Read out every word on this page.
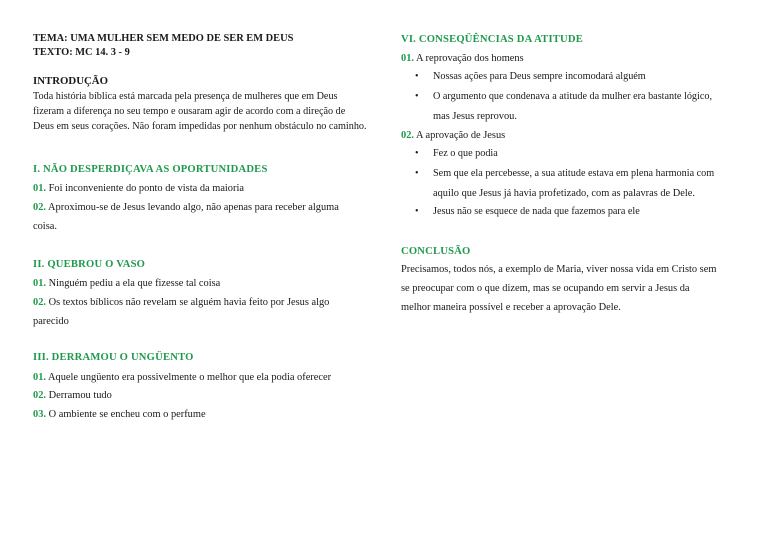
TEMA: UMA MULHER SEM MEDO DE SER EM DEUS
TEXTO: MC 14. 3 - 9
INTRODUÇÃO
Toda história bíblica está marcada pela presença de mulheres que em Deus fizeram a diferença no seu tempo e ousaram agir de acordo com a direção de Deus em seus corações. Não foram impedidas por nenhum obstáculo no caminho.
I. NÃO DESPERDIÇAVA AS OPORTUNIDADES
01. Foi inconveniente do ponto de vista da maioria
02. Aproximou-se de Jesus levando algo, não apenas para receber alguma
coisa.
II. QUEBROU O VASO
01. Ninguém pediu a ela que fizesse tal coisa
02. Os textos bíblicos não revelam se alguém havia feito por Jesus algo
parecido
III. DERRAMOU O UNGÜENTO
01. Aquele ungüento era possivelmente o melhor que ela podia oferecer
02. Derramou tudo
03. O ambiente se encheu com o perfume
VI. CONSEQÜÊNCIAS DA ATITUDE
01. A reprovação dos homens
Nossas ações para Deus sempre incomodará alguém
O argumento que condenava a atitude da mulher era bastante lógico,
mas Jesus reprovou.
02. A aprovação de Jesus
Fez o que podia
Sem que ela percebesse, a sua atitude estava em plena harmonia com
aquilo que Jesus já havia profetizado, com as palavras de Dele.
Jesus não se esquece de nada que fazemos para ele
CONCLUSÃO
Precisamos, todos nós, a exemplo de Maria, viver nossa vida em Cristo sem
se preocupar com o que dizem, mas se ocupando em servir a Jesus da
melhor maneira possível e receber a aprovação Dele.
